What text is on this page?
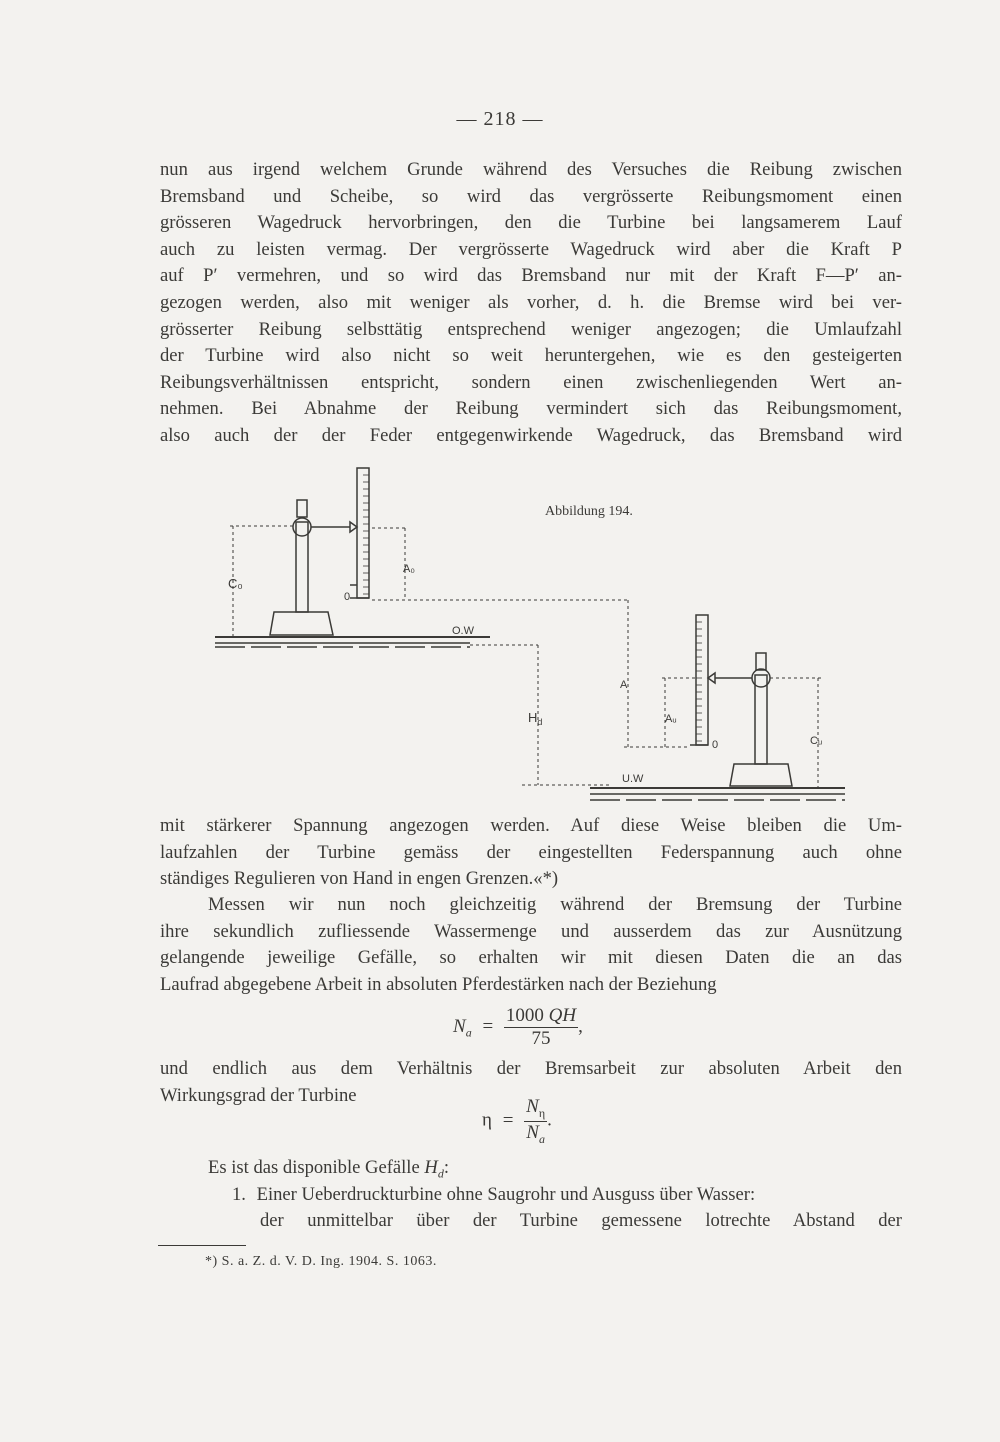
— 218 —
nun aus irgend welchem Grunde während des Versuches die Reibung zwischen
Bremsband und Scheibe, so wird das vergrösserte Reibungsmoment einen
grösseren Wagedruck hervorbringen, den die Turbine bei langsamerem Lauf
auch zu leisten vermag. Der vergrösserte Wagedruck wird aber die Kraft P
auf P′ vermehren, und so wird das Bremsband nur mit der Kraft F—P′ an-
gezogen werden, also mit weniger als vorher, d. h. die Bremse wird bei ver-
grösserter Reibung selbsttätig entsprechend weniger angezogen; die Umlaufzahl
der Turbine wird also nicht so weit heruntergehen, wie es den gesteigerten
Reibungsverhältnissen entspricht, sondern einen zwischenliegenden Wert an-
nehmen. Bei Abnahme der Reibung vermindert sich das Reibungsmoment,
also auch der der Feder entgegenwirkende Wagedruck, das Bremsband wird
Abbildung 194.
C₀
A₀
0
O.W
A
$H_d$	Aᵤ
0	Cᵤ
U.W
mit stärkerer Spannung angezogen werden. Auf diese Weise bleiben die Um-
laufzahlen der Turbine gemäss der eingestellten Federspannung auch ohne
ständiges Regulieren von Hand in engen Grenzen.«*)
Messen wir nun noch gleichzeitig während der Bremsung der Turbine
ihre sekundlich zufliessende Wassermenge und ausserdem das zur Ausnützung
gelangende jeweilige Gefälle, so erhalten wir mit diesen Daten die an das
Laufrad abgegebene Arbeit in absoluten Pferdestärken nach der Beziehung
$N_a = \frac{1000 QH}{75}$ ,
und endlich aus dem Verhältnis der Bremsarbeit zur absoluten Arbeit den
Wirkungsgrad der Turbine
$\eta = \frac{N_\eta}{N_a}$ .
Es ist das disponible Gefälle $H_d$:
1. Einer Ueberdruckturbine ohne Saugrohr und Ausguss über Wasser:
der unmittelbar über der Turbine gemessene lotrechte Abstand der
*) S. a. Z. d. V. D. Ing. 1904. S. 1063.
